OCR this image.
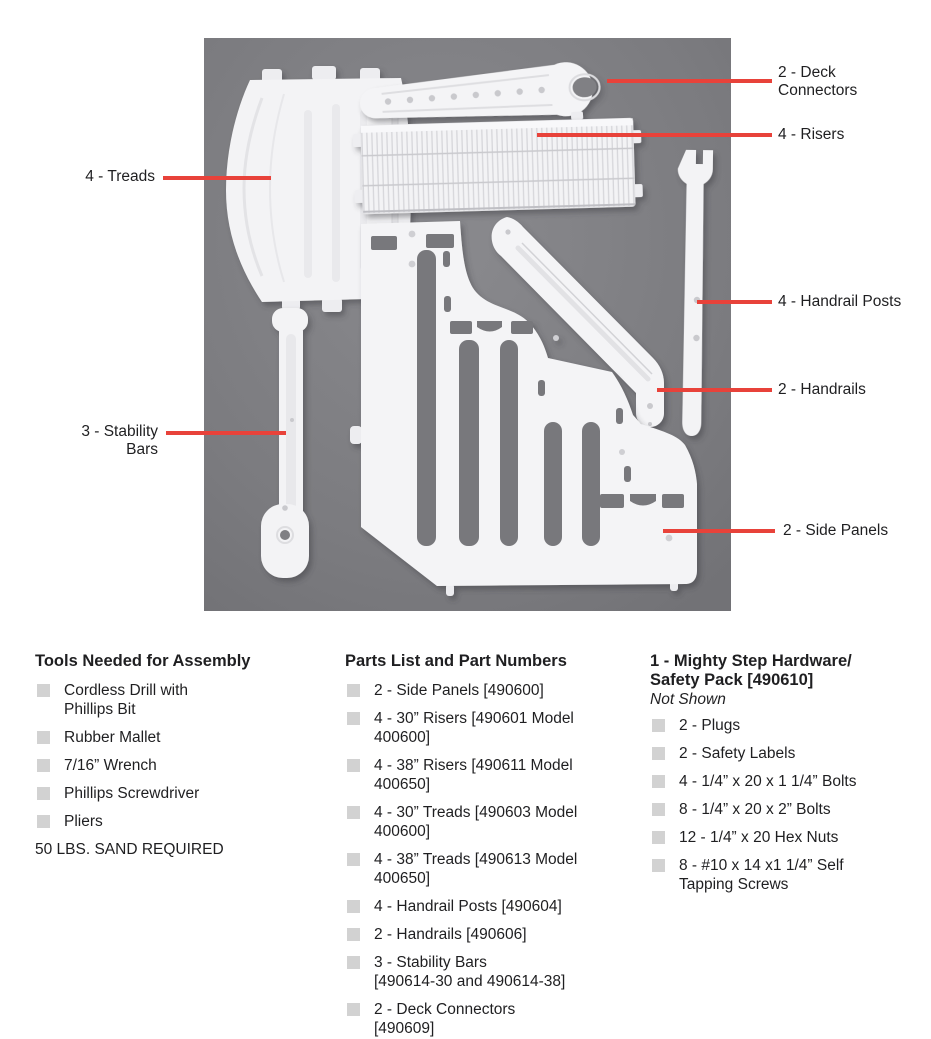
2 - Deck
Connectors
4 - Risers
4 - Treads
4 - Handrail Posts
2 - Handrails
3 - Stability
Bars
2 - Side Panels
Tools Needed for Assembly
Cordless Drill with
Phillips Bit
Rubber Mallet
7/16” Wrench
Phillips Screwdriver
Pliers
50 LBS. SAND REQUIRED
Parts List and Part Numbers
2 - Side Panels [490600]
4 - 30” Risers [490601 Model
400600]
4 - 38” Risers [490611 Model
400650]
4 - 30” Treads [490603 Model
400600]
4 - 38” Treads [490613 Model
400650]
4 - Handrail Posts [490604]
2 - Handrails [490606]
3 - Stability Bars
[490614-30 and 490614-38]
2 - Deck Connectors
[490609]
1 - Mighty Step Hardware/
Safety Pack [490610]
Not Shown
2 - Plugs
2 - Safety Labels
4 - 1/4” x 20 x 1 1/4” Bolts
8 - 1/4” x 20 x 2” Bolts
12 - 1/4” x 20 Hex Nuts
8 - #10 x 14 x1 1/4” Self
Tapping Screws
